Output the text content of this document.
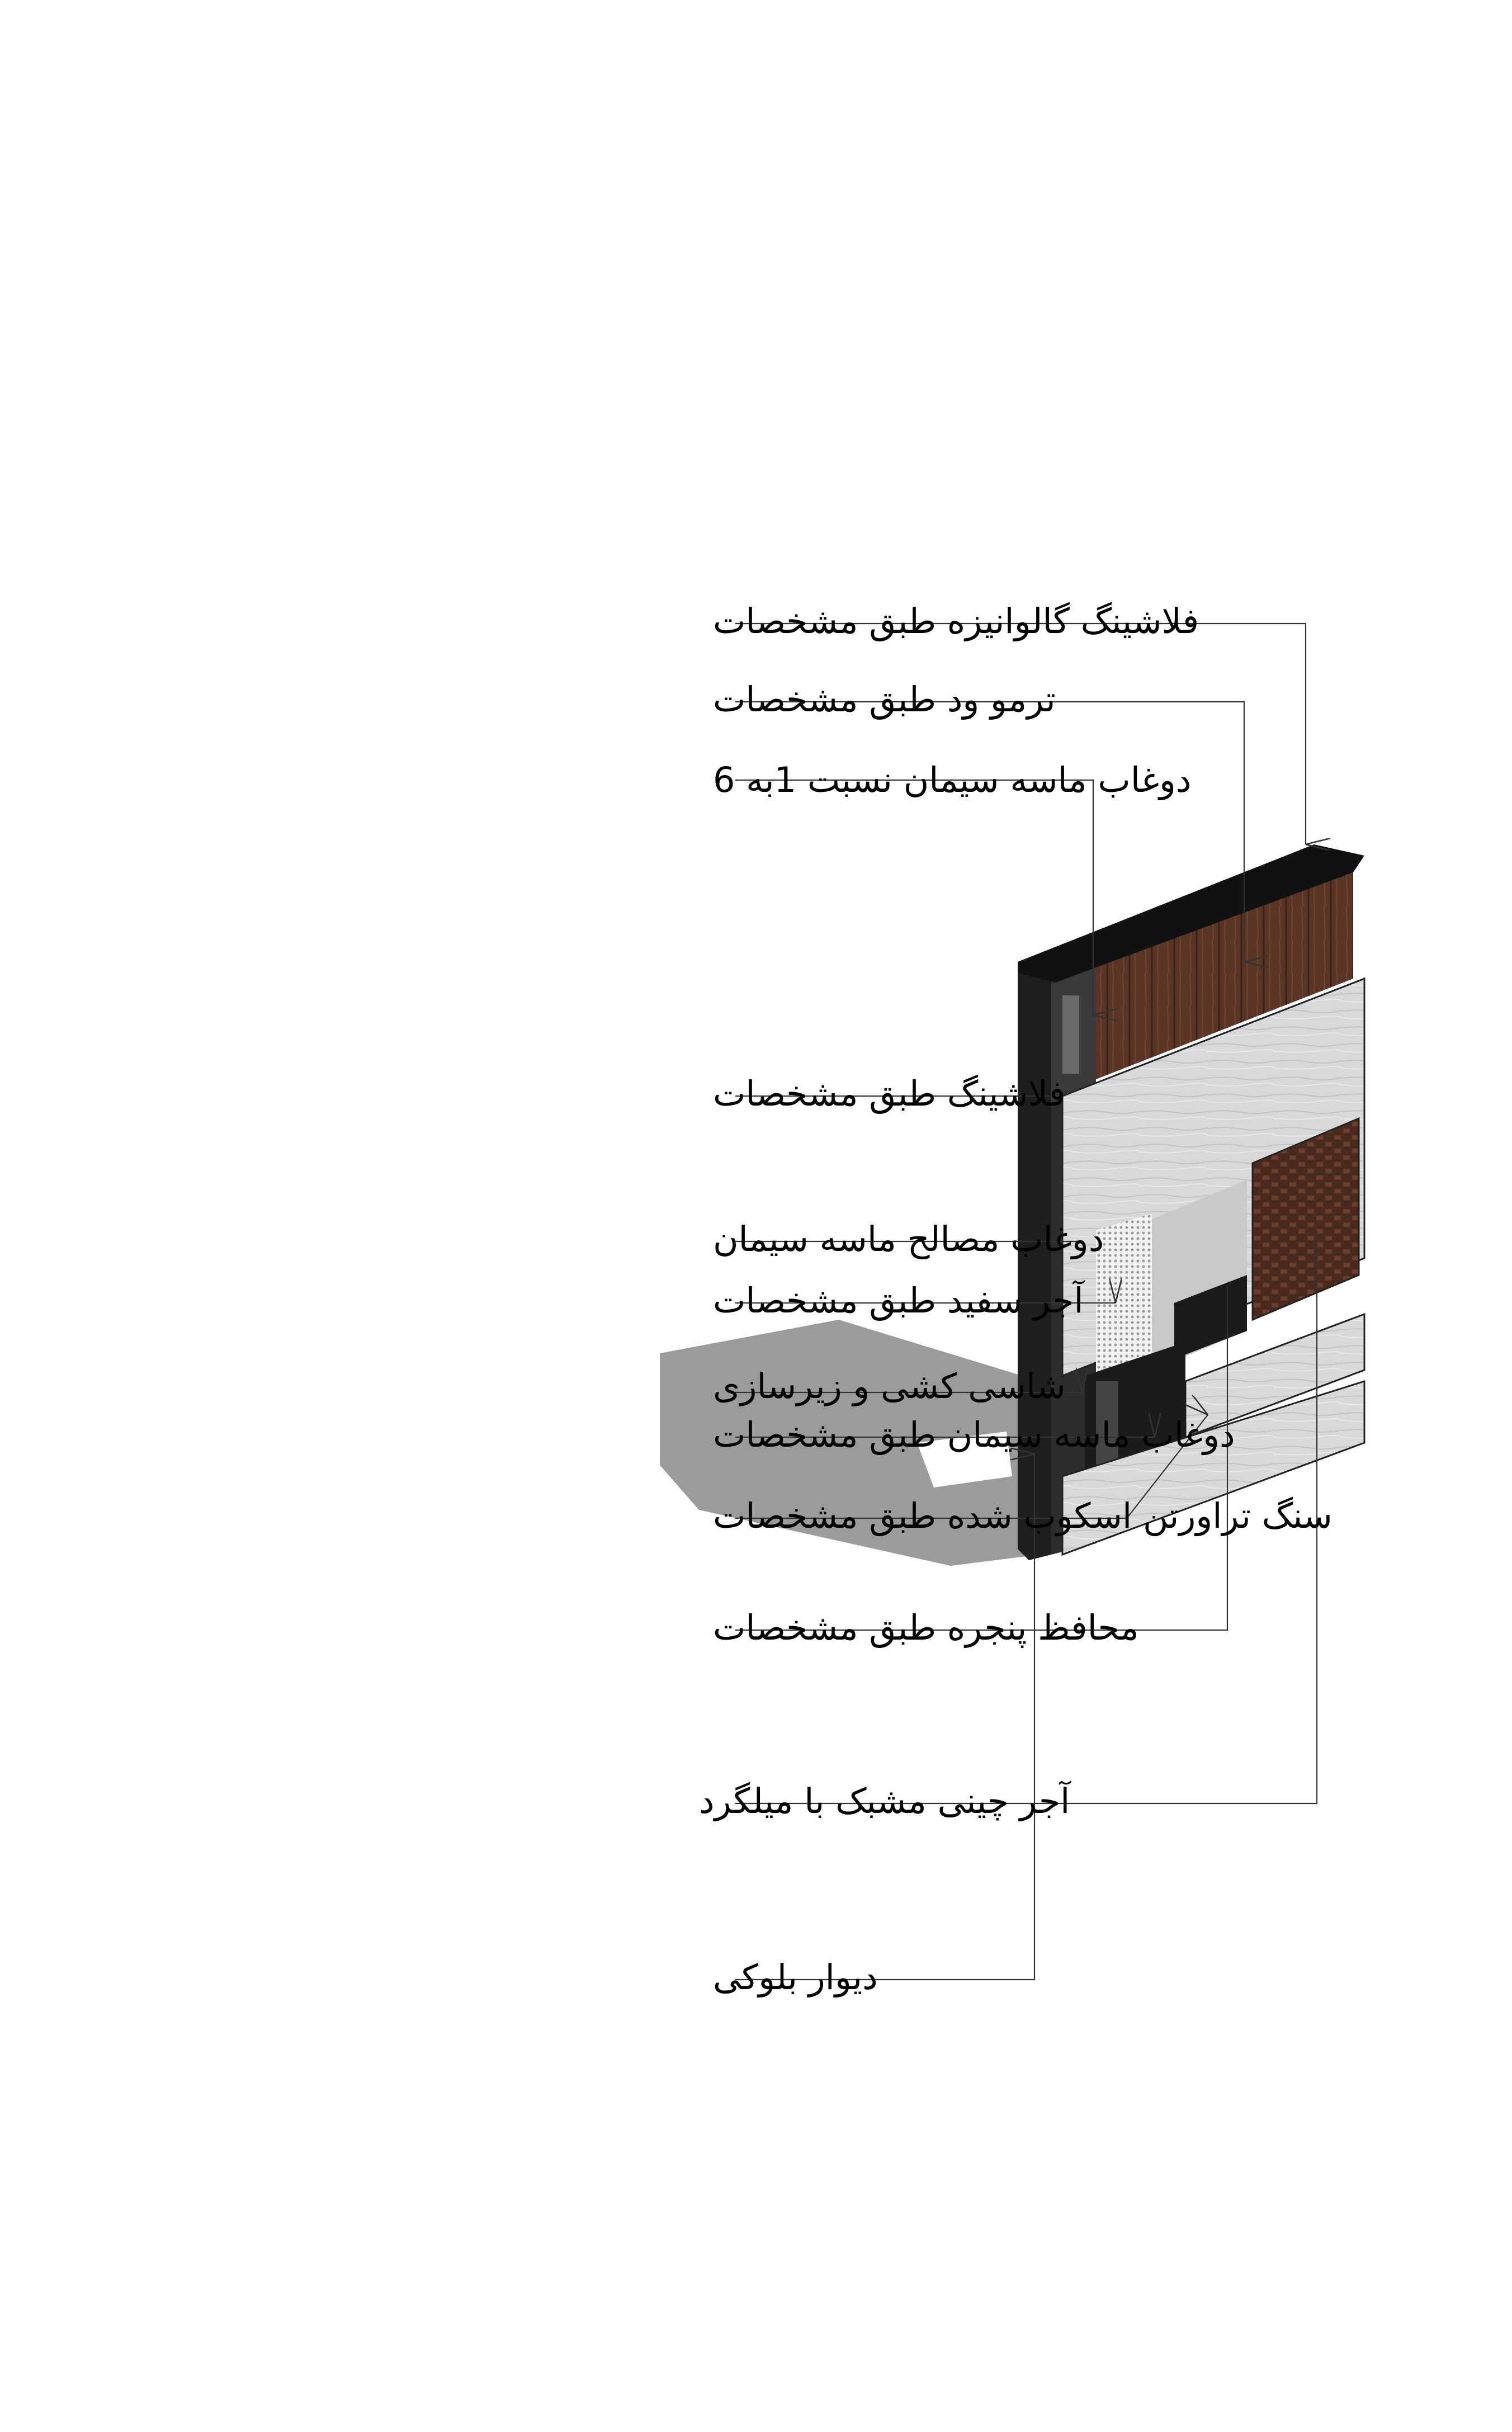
فلاشینگ گالوانیزه طبق مشخصات
ترمو ود طبق مشخصات
دوغاب ماسه سیمان نسبت 1به 6
فلاشینگ طبق مشخصات
دوغاب مصالح ماسه سیمان
آجر سفید طبق مشخصات
شاسی کشی و زیرسازی
دوغاب ماسه سیمان طبق مشخصات
سنگ تراورتن اسکوب شده طبق مشخصات
محافظ پنجره طبق مشخصات
آجر چینی مشبک با میلگرد
دیوار بلوکی
